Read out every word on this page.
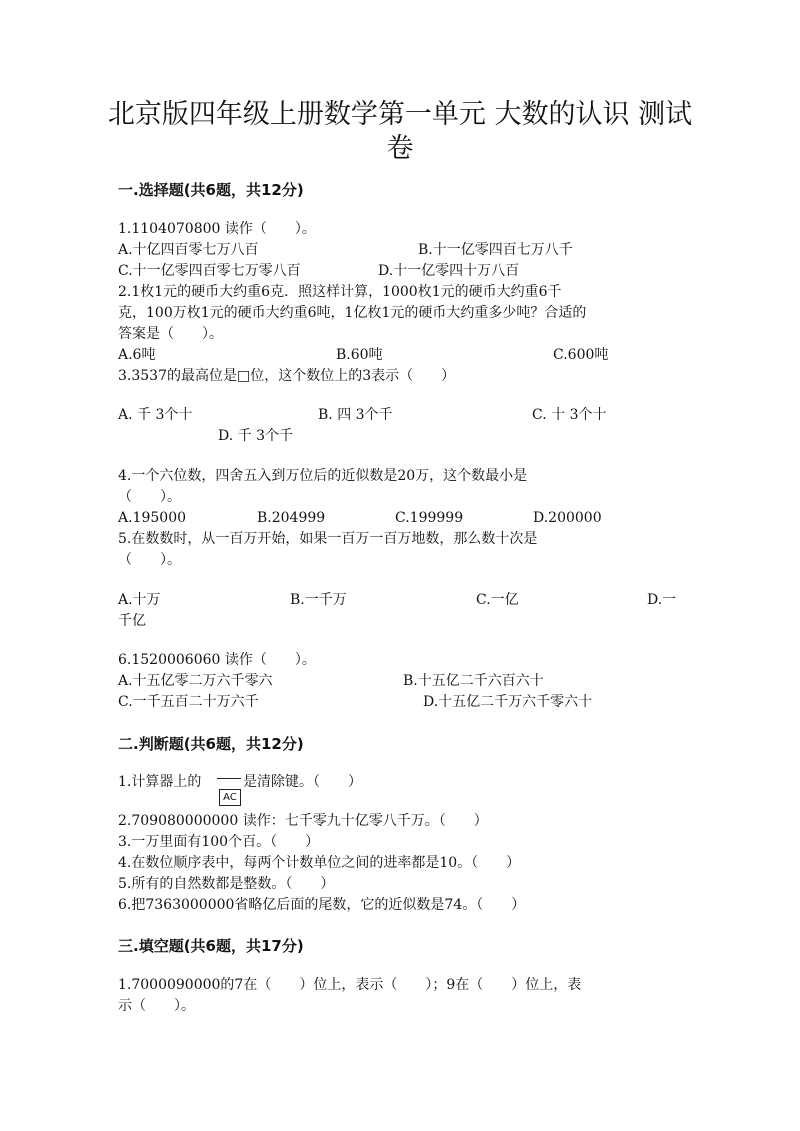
北京版四年级上册数学第一单元 大数的认识 测试
卷
一.选择题(共6题，共12分)
1.1104070800 读作（　　）。
A.十亿四百零七万八百	B.十一亿零四百七万八千
C.十一亿零四百零七万零八百	D.十一亿零四十万八百
2.1枚1元的硬币大约重6克．照这样计算，1000枚1元的硬币大约重6千
克，100万枚1元的硬币大约重6吨，1亿枚1元的硬币大约重多少吨？合适的
答案是（　　）。
A.6吨	B.60吨	C.600吨
3.3537的最高位是□位，这个数位上的3表示（　　）
A. 千 3个十	B. 四 3个千	C. 十 3个十
D. 千 3个千
4.一个六位数，四舍五入到万位后的近似数是20万，这个数最小是
（　　）。
A.195000	B.204999	C.199999	D.200000
5.在数数时，从一百万开始，如果一百万一百万地数，那么数十次是
（　　）。
A.十万	B.一千万	C.一亿	D.一
千亿
6.1520006060 读作（　　）。
A.十五亿零二万六千零六	B.十五亿二千六百六十
C.一千五百二十万六千	D.十五亿二千万六千零六十
二.判断题(共6题，共12分)
1.计算器上的
AC
是清除键。（　　）
2.709080000000 读作：七千零九十亿零八千万。（　　）
3.一万里面有100个百。（　　）
4.在数位顺序表中，每两个计数单位之间的进率都是10。（　　）
5.所有的自然数都是整数。（　　）
6.把7363000000省略亿后面的尾数，它的近似数是74。（　　）
三.填空题(共6题，共17分)
1.7000090000的7在（　　）位上，表示（　　）；9在（　　）位上，表
示（　　）。
